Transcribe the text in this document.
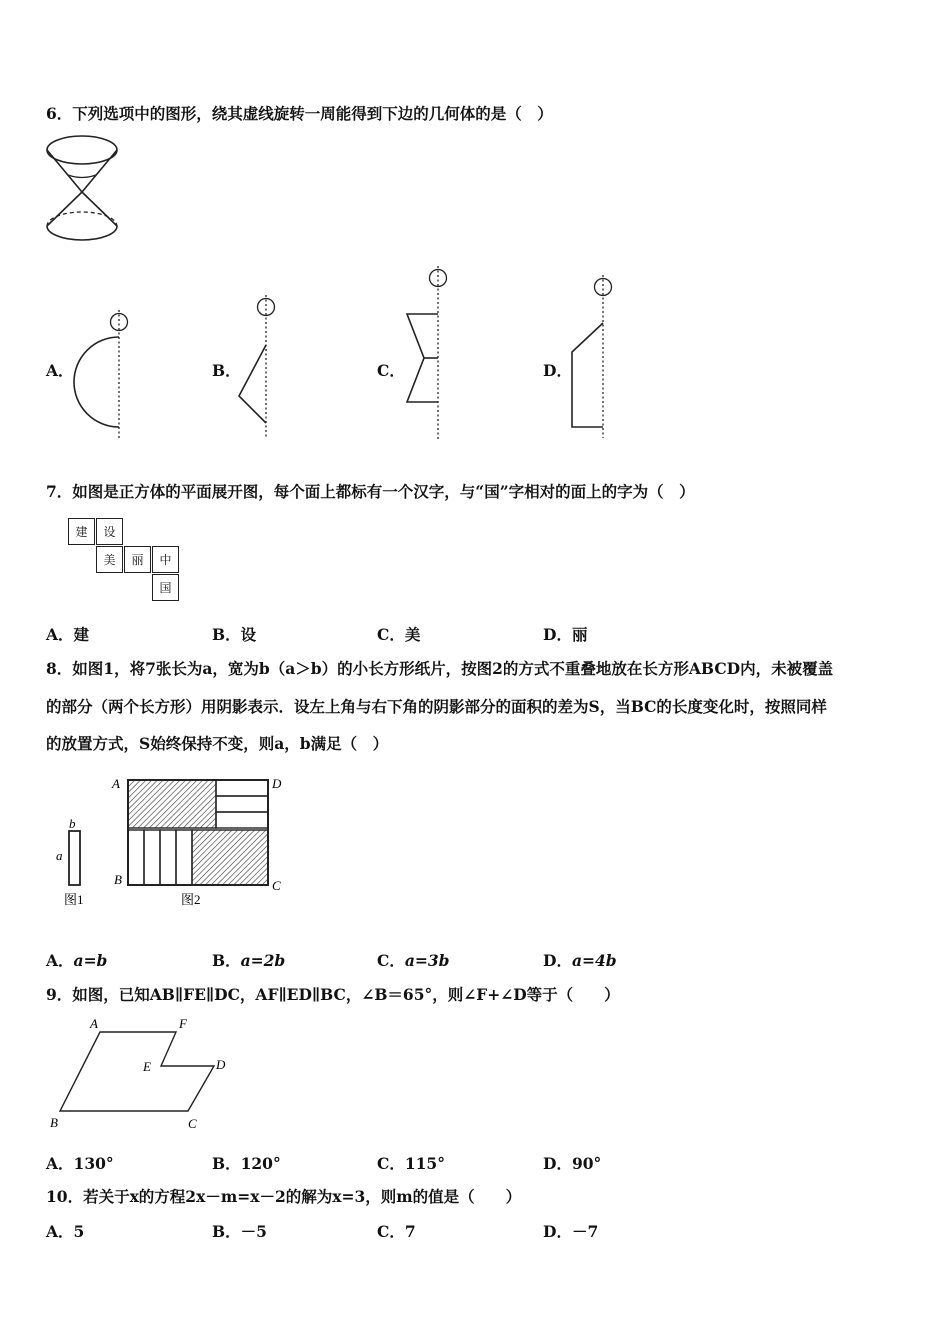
6．下列选项中的图形，绕其虚线旋转一周能得到下边的几何体的是（　）
A．	B．	C．	D．
7．如图是正方体的平面展开图，每个面上都标有一个汉字，与“国”字相对的面上的字为（　）
建	设
美	丽	中
国
A．建	B．设	C．美	D．丽
8．如图1，将7张长为a，宽为b（a＞b）的小长方形纸片，按图2的方式不重叠地放在长方形ABCD内，未被覆盖
的部分（两个长方形）用阴影表示．设左上角与右下角的阴影部分的面积的差为S，当BC的长度变化时，按照同样
的放置方式，S始终保持不变，则a，b满足（　）
b
a
图1
A	D
B	C
图2
A．a=b	B．a=2b	C．a=3b	D．a=4b
9．如图，已知AB∥FE∥DC，AF∥ED∥BC，∠B＝65°，则∠F+∠D等于（　　）
A	F
E	D
B	C
A．130°	B．120°	C．115°	D．90°
10．若关于x的方程2x－m=x－2的解为x=3，则m的值是（　　）
A．5	B．－5	C．7	D．－7
